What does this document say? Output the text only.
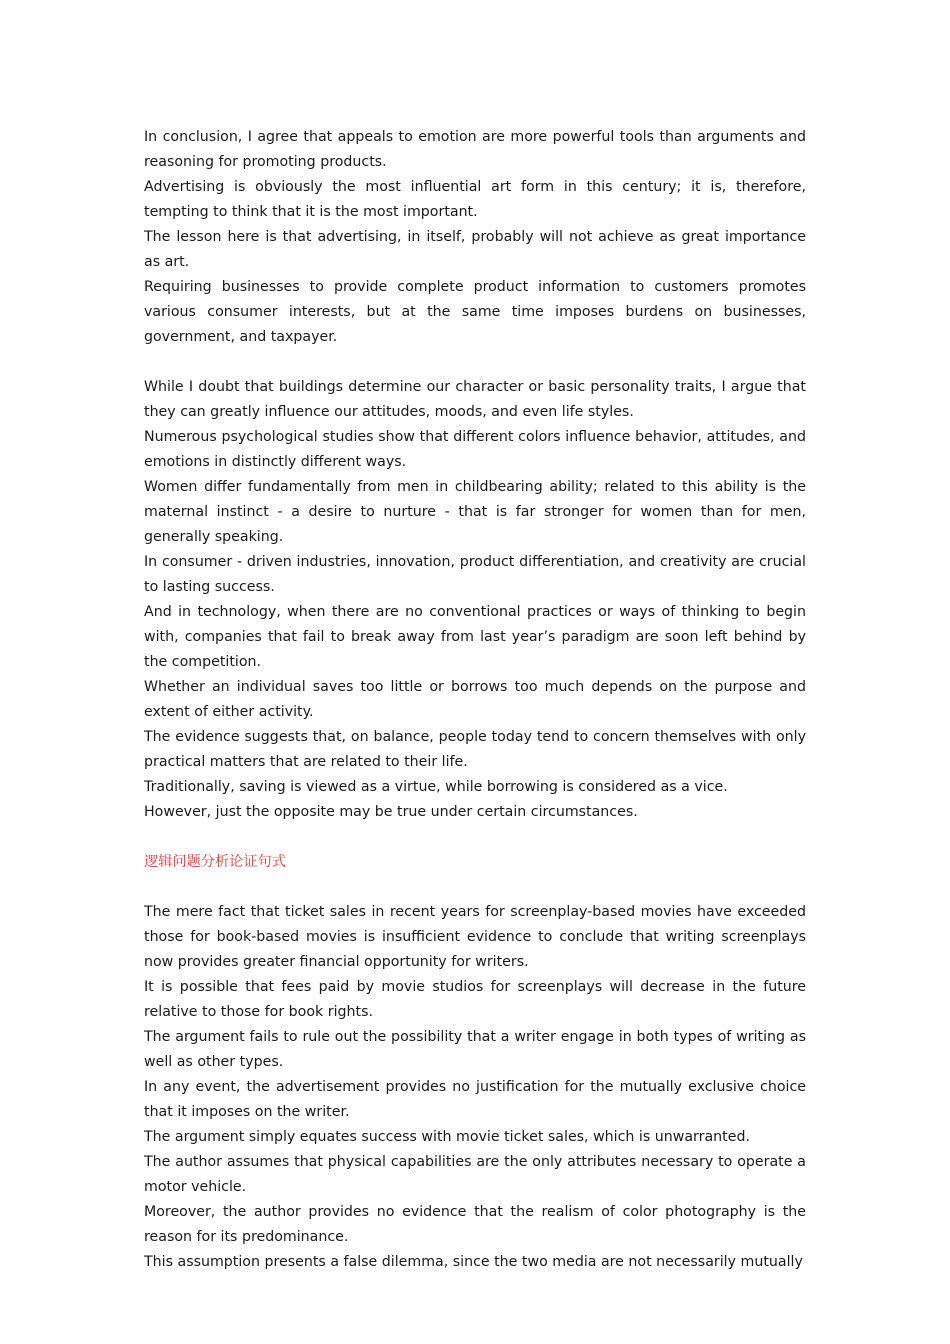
In conclusion, I agree that appeals to emotion are more powerful tools than arguments and reasoning for promoting products.
Advertising is obviously the most influential art form in this century; it is, therefore, tempting to think that it is the most important.
The lesson here is that advertising, in itself, probably will not achieve as great importance as art.
Requiring businesses to provide complete product information to customers promotes various consumer interests, but at the same time imposes burdens on businesses, government, and taxpayer.
While I doubt that buildings determine our character or basic personality traits, I argue that they can greatly influence our attitudes, moods, and even life styles.
Numerous psychological studies show that different colors influence behavior, attitudes, and emotions in distinctly different ways.
Women differ fundamentally from men in childbearing ability; related to this ability is the maternal instinct - a desire to nurture - that is far stronger for women than for men, generally speaking.
In consumer - driven industries, innovation, product differentiation, and creativity are crucial to lasting success.
And in technology, when there are no conventional practices or ways of thinking to begin with, companies that fail to break away from last year’s paradigm are soon left behind by the competition.
Whether an individual saves too little or borrows too much depends on the purpose and extent of either activity.
The evidence suggests that, on balance, people today tend to concern themselves with only practical matters that are related to their life.
Traditionally, saving is viewed as a virtue, while borrowing is considered as a vice.
However, just the opposite may be true under certain circumstances.

逻辑问题分析论证句式

The mere fact that ticket sales in recent years for screenplay-based movies have exceeded those for book-based movies is insufficient evidence to conclude that writing screenplays now provides greater financial opportunity for writers.
It is possible that fees paid by movie studios for screenplays will decrease in the future relative to those for book rights.
The argument fails to rule out the possibility that a writer engage in both types of writing as well as other types.
In any event, the advertisement provides no justification for the mutually exclusive choice that it imposes on the writer.
The argument simply equates success with movie ticket sales, which is unwarranted.
The author assumes that physical capabilities are the only attributes necessary to operate a motor vehicle.
Moreover, the author provides no evidence that the realism of color photography is the reason for its predominance.
This assumption presents a false dilemma, since the two media are not necessarily mutually
